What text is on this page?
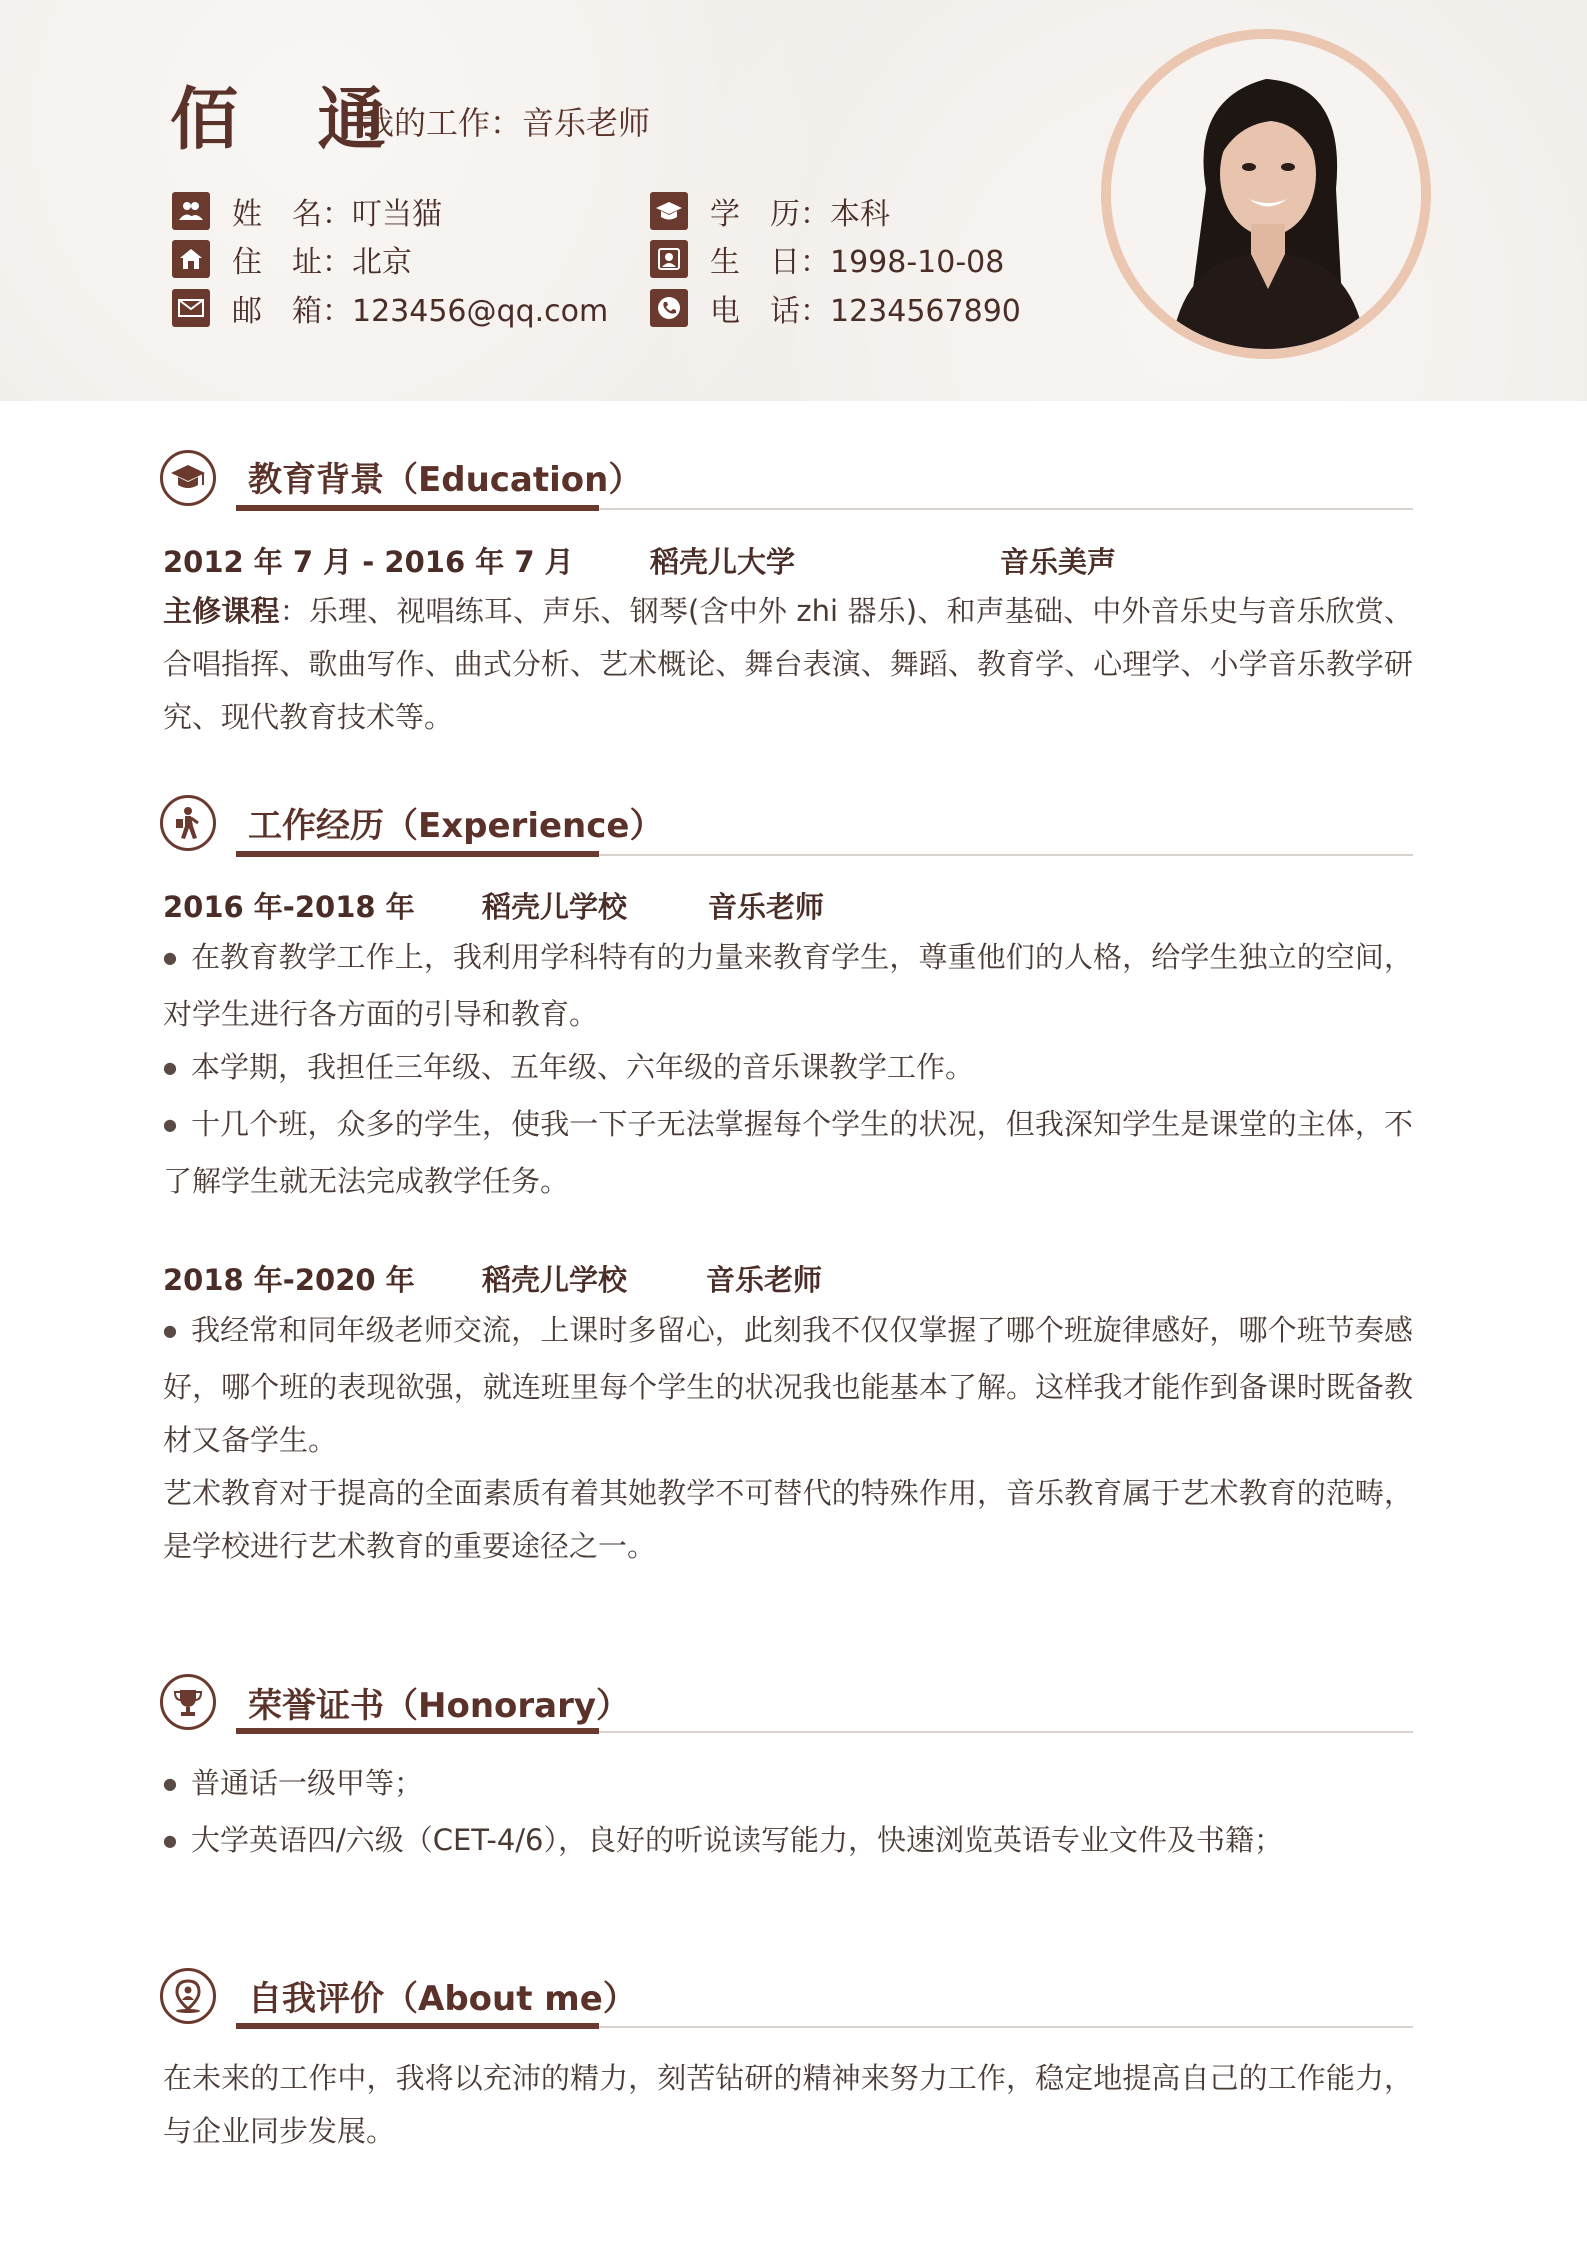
佰 通
我的工作：音乐老师
姓　名：叮当猫
住　址：北京
邮　箱：123456@qq.com
学　历：本科
生　日：1998-10-08
电　话：1234567890
教育背景（Education）
2012 年 7 月 - 2016 年 7 月	稻壳儿大学	音乐美声
主修课程：乐理、视唱练耳、声乐、钢琴(含中外 zhi 器乐)、和声基础、中外音乐史与音乐欣赏、合唱指挥、歌曲写作、曲式分析、艺术概论、舞台表演、舞蹈、教育学、心理学、小学音乐教学研究、现代教育技术等。
工作经历（Experience）
2016 年-2018 年 稻壳儿学校	音乐老师
● 在教育教学工作上，我利用学科特有的力量来教育学生，尊重他们的人格，给学生独立的空间，对学生进行各方面的引导和教育。
● 本学期，我担任三年级、五年级、六年级的音乐课教学工作。
● 十几个班，众多的学生，使我一下子无法掌握每个学生的状况，但我深知学生是课堂的主体，不了解学生就无法完成教学任务。
2018 年-2020 年 稻壳儿学校	音乐老师
● 我经常和同年级老师交流，上课时多留心，此刻我不仅仅掌握了哪个班旋律感好，哪个班节奏感好，哪个班的表现欲强，就连班里每个学生的状况我也能基本了解。这样我才能作到备课时既备教材又备学生。
艺术教育对于提高的全面素质有着其她教学不可替代的特殊作用，音乐教育属于艺术教育的范畴，是学校进行艺术教育的重要途径之一。
荣誉证书（Honorary）
● 普通话一级甲等；
● 大学英语四/六级（CET-4/6），良好的听说读写能力，快速浏览英语专业文件及书籍；
自我评价（About me）
在未来的工作中，我将以充沛的精力，刻苦钻研的精神来努力工作，稳定地提高自己的工作能力，与企业同步发展。
